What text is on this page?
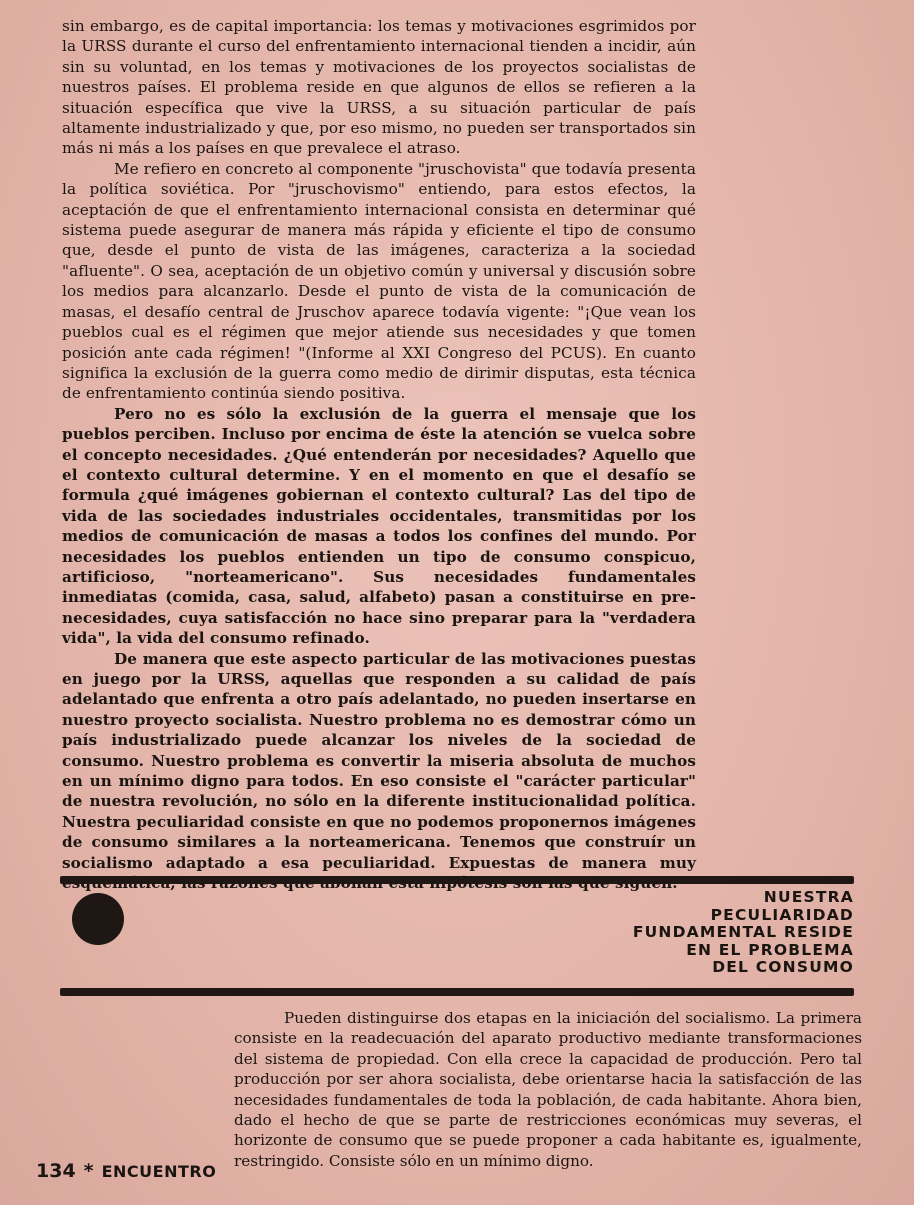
sin embargo, es de capital importancia: los temas y motivaciones esgrimidos por la URSS durante el curso del enfrentamiento internacional tienden a incidir, aún sin su voluntad, en los temas y motivaciones de los proyectos socialistas de nuestros países. El problema reside en que algunos de ellos se refieren a la situación específica que vive la URSS, a su situación particular de país altamente industrializado y que, por eso mismo, no pueden ser transportados sin más ni más a los países en que prevalece el atraso.

Me refiero en concreto al componente "jruschovista" que todavía presenta la política soviética. Por "jruschovismo" entiendo, para estos efectos, la aceptación de que el enfrentamiento internacional consista en determinar qué sistema puede asegurar de manera más rápida y eficiente el tipo de consumo que, desde el punto de vista de las imágenes, caracteriza a la sociedad "afluente". O sea, aceptación de un objetivo común y universal y discusión sobre los medios para alcanzarlo. Desde el punto de vista de la comunicación de masas, el desafío central de Jruschov aparece todavía vigente: "¡Que vean los pueblos cual es el régimen que mejor atiende sus necesidades y que tomen posición ante cada régimen! "(Informe al XXI Congreso del PCUS). En cuanto significa la exclusión de la guerra como medio de dirimir disputas, esta técnica de enfrentamiento continúa siendo positiva.

Pero no es sólo la exclusión de la guerra el mensaje que los pueblos perciben. Incluso por encima de éste la atención se vuelca sobre el concepto necesidades. ¿Qué entenderán por necesidades? Aquello que el contexto cultural determine. Y en el momento en que el desafío se formula ¿qué imágenes gobiernan el contexto cultural? Las del tipo de vida de las sociedades industriales occidentales, transmitidas por los medios de comunicación de masas a todos los confines del mundo. Por necesidades los pueblos entienden un tipo de consumo conspicuo, artificioso, "norteamericano". Sus necesidades fundamentales inmediatas (comida, casa, salud, alfabeto) pasan a constituirse en pre-necesidades, cuya satisfacción no hace sino preparar para la "verdadera vida", la vida del consumo refinado.

De manera que este aspecto particular de las motivaciones puestas en juego por la URSS, aquellas que responden a su calidad de país adelantado que enfrenta a otro país adelantado, no pueden insertarse en nuestro proyecto socialista. Nuestro problema no es demostrar cómo un país industrializado puede alcanzar los niveles de la sociedad de consumo. Nuestro problema es convertir la miseria absoluta de muchos en un mínimo digno para todos. En eso consiste el "carácter particular" de nuestra revolución, no sólo en la diferente institucionalidad política. Nuestra peculiaridad consiste en que no podemos proponernos imágenes de consumo similares a la norteamericana. Tenemos que construír un socialismo adaptado a esa peculiaridad. Expuestas de manera muy

NUESTRA
PECULIARIDAD
FUNDAMENTAL RESIDE
EN EL PROBLEMA
DEL CONSUMO

Pueden distinguirse dos etapas en la iniciación del socialismo. La primera consiste en la readecuación del aparato productivo mediante transformaciones del sistema de propiedad. Con ella crece la capacidad de producción. Pero tal producción por ser ahora socialista, debe orientarse hacia la satisfacción de las necesidades fundamentales de toda la población, de cada habitante. Ahora bien, dado el hecho de que se parte de restricciones económicas muy severas, el horizonte de consumo que se puede proponer a cada habitante es, igualmente, restringido. Consiste sólo en un mínimo digno.

134 * ENCUENTRO
